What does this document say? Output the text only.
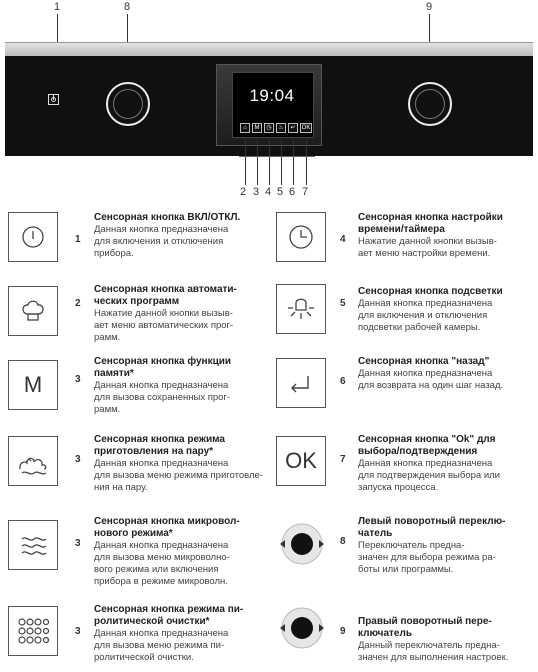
1	8	9
19:04
⌂	M	◷	♨	↵	OK
2 3 4 5 6 7
1
Сенсорная кнопка ВКЛ/ОТКЛ.
Данная кнопка предназначена
для включения и отключения
прибора.
2
Сенсорная кнопка автомати-
ческих программ
Нажатие данной кнопки вызыв-
ает меню автоматических прог-
рамм.
M	3
Сенсорная кнопка функции
памяти*
Данная кнопка предназначена
для вызова сохраненных прог-
рамм.
3
Сенсорная кнопка режима
приготовления на пару*
Данная кнопка предназначена
для вызова меню режима приготовле-
ния на пару.
3
Сенсорная кнопка микровол-
нового режима*
Данная кнопка предназначена
для вызова меню микроволно-
вого режима или включения
прибора в режиме микроволн.
3
Сенсорная кнопка режима пи-
ролитической очистки*
Данная кнопка предназначена
для вызова меню режима пи-
ролитической очистки.
4
Сенсорная кнопка настройки
времени/таймера
Нажатие данной кнопки вызыв-
ает меню настройки времени.
5
Сенсорная кнопка подсветки
Данная кнопка предназначена
для включения и отключения
подсветки рабочей камеры.
6
Сенсорная кнопка "назад"
Данная кнопка предназначена
для возврата на один шаг назад.
OK 7
Сенсорная кнопка "Ok" для
выбора/подтверждения
Данная кнопка предназначена
для подтверждения выбора или
запуска процесса.
8
Левый поворотный переклю-
чатель
Переключатель предна-
значен для выбора режима ра-
боты или программы.
9
Правый поворотный пере-
ключатель
Данный переключатель предна-
значен для выполнения настроек.
